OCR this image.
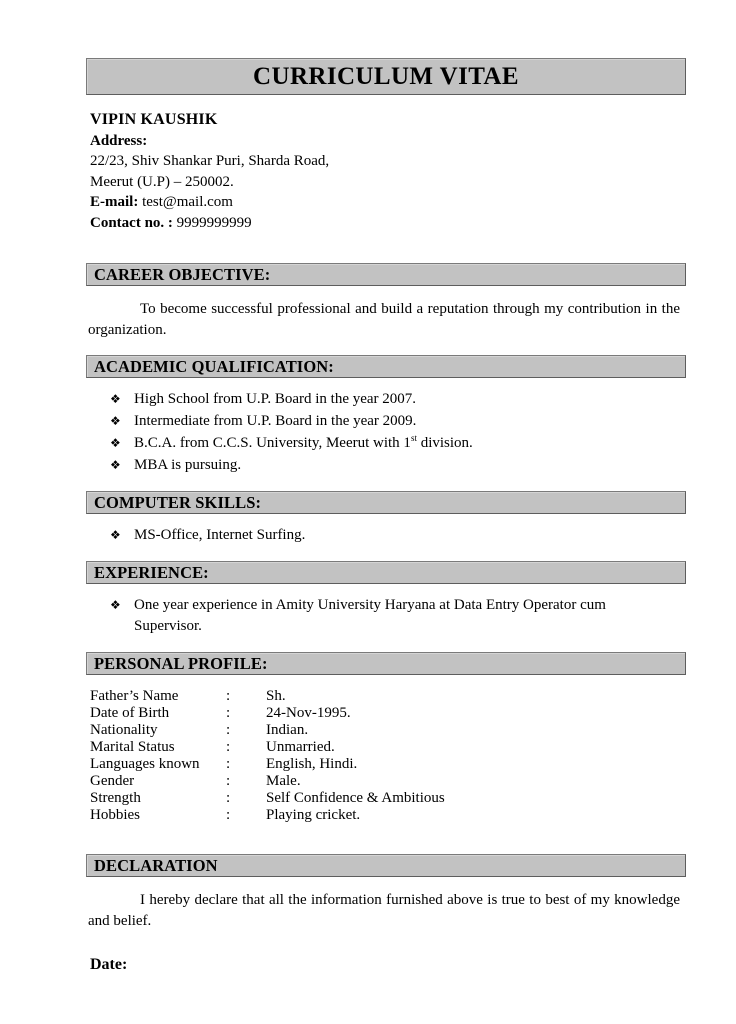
CURRICULUM VITAE
VIPIN KAUSHIK
Address:
22/23, Shiv Shankar Puri, Sharda Road,
Meerut (U.P) – 250002.
E-mail: test@mail.com
Contact no. : 9999999999
CAREER OBJECTIVE:

To become successful professional and build a reputation through my contribution in the organization.

ACADEMIC QUALIFICATION:
❖ High School from U.P. Board in the year 2007.
❖ Intermediate from U.P. Board in the year 2009.
❖ B.C.A. from C.C.S. University, Meerut with 1st division.
❖ MBA is pursuing.
COMPUTER SKILLS:
❖ MS-Office, Internet Surfing.
EXPERIENCE:
❖ One year experience in Amity University Haryana at Data Entry Operator cum Supervisor.
PERSONAL PROFILE:
Father’s Name	:	Sh.
Date of Birth	:	24-Nov-1995.
Nationality	:	Indian.
Marital Status	:	Unmarried.
Languages known	:	English, Hindi.
Gender	:	Male.
Strength	:	Self Confidence & Ambitious
Hobbies	:	Playing cricket.
DECLARATION

I hereby declare that all the information furnished above is true to best of my knowledge and belief.

Date:
